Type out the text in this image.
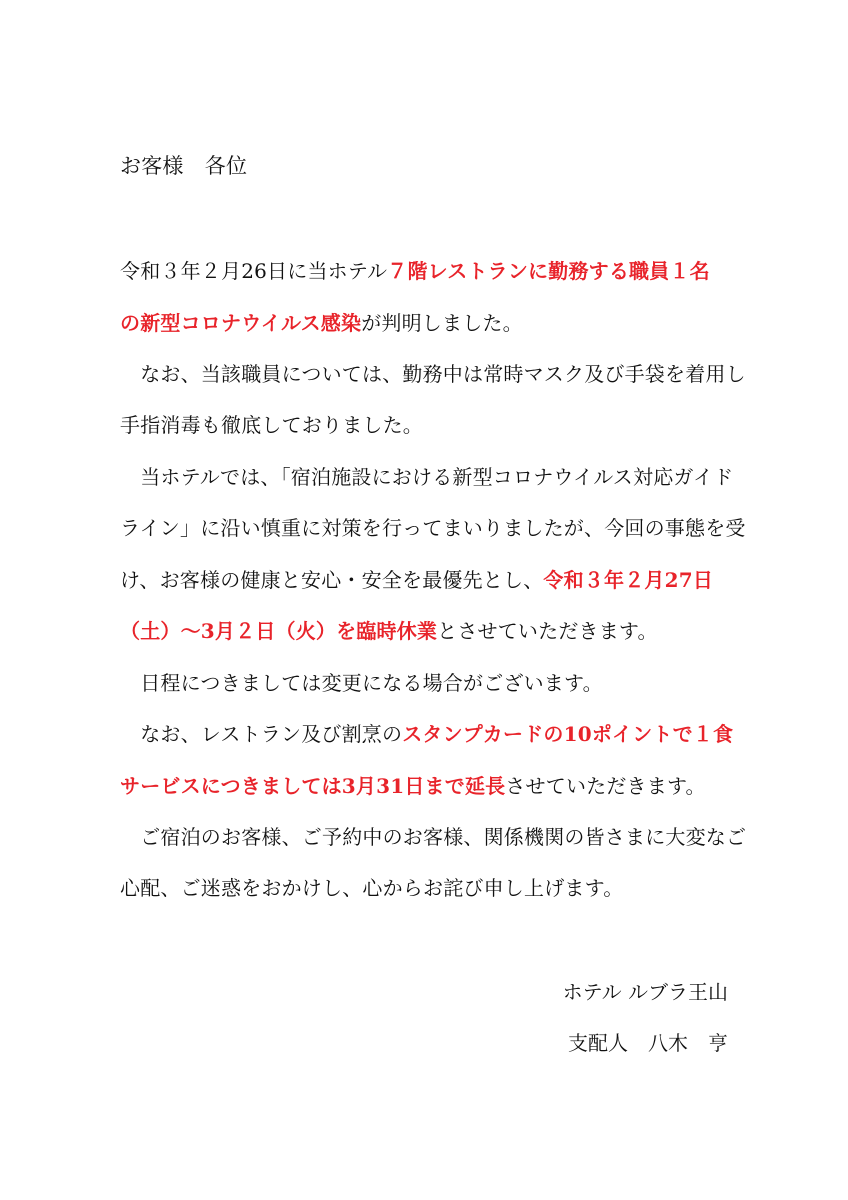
お客様　各位
令和３年２月26日に当ホテル７階レストランに勤務する職員１名
の新型コロナウイルス感染が判明しました。
　なお、当該職員については、勤務中は常時マスク及び手袋を着用し
手指消毒も徹底しておりました。
　当ホテルでは、「宿泊施設における新型コロナウイルス対応ガイド
ライン」に沿い慎重に対策を行ってまいりましたが、今回の事態を受
け、お客様の健康と安心・安全を最優先とし、令和３年２月27日
（土）～3月２日（火）を臨時休業とさせていただきます。
　日程につきましては変更になる場合がございます。
　なお、レストラン及び割烹のスタンプカードの10ポイントで１食
サービスにつきましては3月31日まで延長させていただきます。
　ご宿泊のお客様、ご予約中のお客様、関係機関の皆さまに大変なご
心配、ご迷惑をおかけし、心からお詫び申し上げます。
ホテル ルブラ王山
支配人　八木　亨
